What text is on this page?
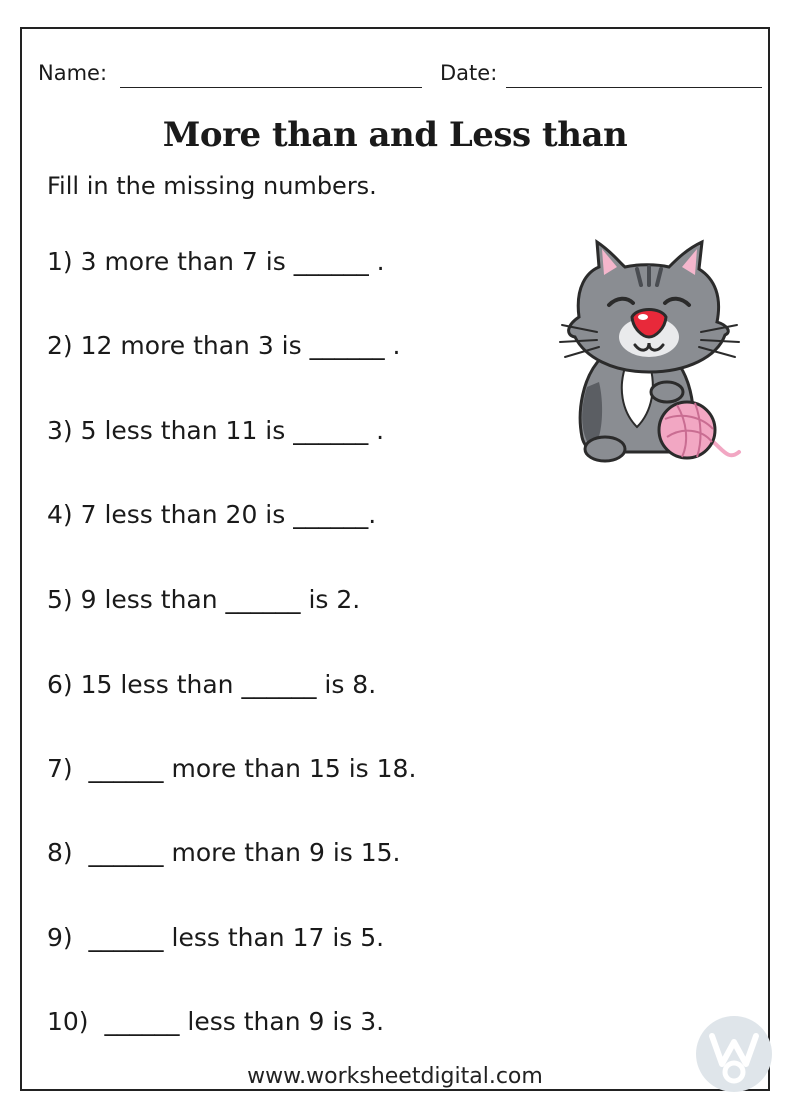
Name:	Date:
More than and Less than
Fill in the missing numbers.
1) 3 more than 7 is ______ .
2) 12 more than 3 is ______ .
3) 5 less than 11 is ______ .
4) 7 less than 20 is ______.
5) 9 less than ______ is 2.
6) 15 less than ______ is 8.
7)  ______ more than 15 is 18.
8)  ______ more than 9 is 15.
9)  ______ less than 17 is 5.
10)  ______ less than 9 is 3.
www.worksheetdigital.com
